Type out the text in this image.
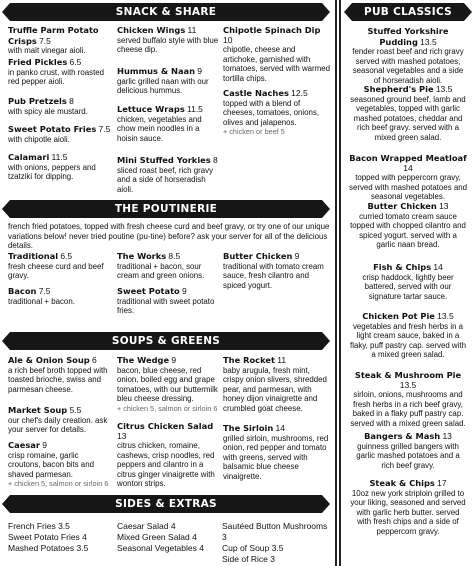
SNACK & SHARE
Truffle Parm Potato Crisps 7.5
with malt vinegar aioli.
Fried Pickles 6.5
in panko crust, with roasted red pepper aioli.
Pub Pretzels 8
with spicy ale mustard.
Sweet Potato Fries 7.5
with chipotle aioli.
Calamari 11.5
with onions, peppers and tzatziki for dipping.
Chicken Wings 11
served buffalo style with blue cheese dip.
Hummus & Naan 9
garlic grilled naan with our delicious hummus.
Lettuce Wraps 11.5
chicken, vegetables and chow mein noodles in a hoisin sauce.
Mini Stuffed Yorkies 8
sliced roast beef, rich gravy and a side of horseradish aioli.
Chipotle Spinach Dip 10
chipotle, cheese and artichoke, garnished with tomatoes, served with warmed tortilla chips.
Castle Naches 12.5
topped with a blend of cheeses, tomatoes, onions, olives and jalapenos.
+ chicken or beef 5
THE POUTINERIE
french fried potatoes, topped with fresh cheese curd and beef gravy, or try one of our unique variations below! never tried poutine (pu-tine) before? ask your server for all of the delicious details.
Traditional 6.5
fresh cheese curd and beef gravy.
Bacon 7.5
traditional + bacon.
The Works 8.5
traditional + bacon, sour cream and green onions.
Sweet Potato 9
traditional with sweet potato fries.
Butter Chicken 9
traditional with tomato cream sauce, fresh cilantro and spiced yogurt.
SOUPS & GREENS
Ale & Onion Soup 6
a rich beef broth topped with toasted brioche, swiss and parmesan cheese.
Market Soup 5.5
our chef's daily creation. ask your server for details.
Caesar 9
crisp romaine, garlic croutons, bacon bits and shaved parmesan.
+ chicken 5, salmon or sirloin 6
The Wedge 9
bacon, blue cheese, red onion, boiled egg and grape tomatoes, with our buttermilk bleu cheese dressing.
+ chicken 5, salmon or sirloin 6
Citrus Chicken Salad 13
citrus chicken, romaine, cashews, crisp noodles, red peppers and cilantro in a citrus ginger vinaigrette with wonton strips.
The Rocket 11
baby arugula, fresh mint, crispy onion slivers, shredded pear, and parmesan, with honey dijon vinaigrette and crumbled goat cheese.
The Sirloin 14
grilled sirloin, mushrooms, red onion, red pepper and tomato with greens, served with balsamic blue cheese vinaigrette.
SIDES & EXTRAS
French Fries 3.5
Sweet Potato Fries 4
Mashed Potatoes 3.5
Caesar Salad 4
Mixed Green Salad 4
Seasonal Vegetables 4
Sautéed Button Mushrooms 3
Cup of Soup 3.5
Side of Rice 3
PUB CLASSICS
Stuffed Yorkshire Pudding 13.5
fender roast beef and rich gravy served with mashed potatoes, seasonal vegetables and a side of horseradish aioli.
Shepherd's Pie 13.5
seasoned ground beef, lamb and vegetables, topped with garlic mashed potatoes, cheddar and rich beef gravy. served with a mixed green salad.
Bacon Wrapped Meatloaf 14
topped with peppercorn gravy, served with mashed potatoes and seasonal vegetables.
Butter Chicken 13
curried tomato cream sauce topped with chopped cilantro and spiced yogurt. served with a garlic naan bread.
Fish & Chips 14
crisp haddock, lightly beer battered, served with our signature tartar sauce.
Chicken Pot Pie 13.5
vegetables and fresh herbs in a light cream sauce, baked in a flaky, puff pastry cap. served with a mixed green salad.
Steak & Mushroom Pie 13.5
sirloin, onions, mushrooms and fresh herbs in a rich beef gravy, baked in a flaky puff pastry cap. served with a mixed green salad.
Bangers & Mash 13
guinness grilled bangers with garlic mashed potatoes and a rich beef gravy.
Steak & Chips 17
10oz new york striploin grilled to your liking, seasoned and served with garlic herb butter. served with fresh chips and a side of peppercorn gravy.
